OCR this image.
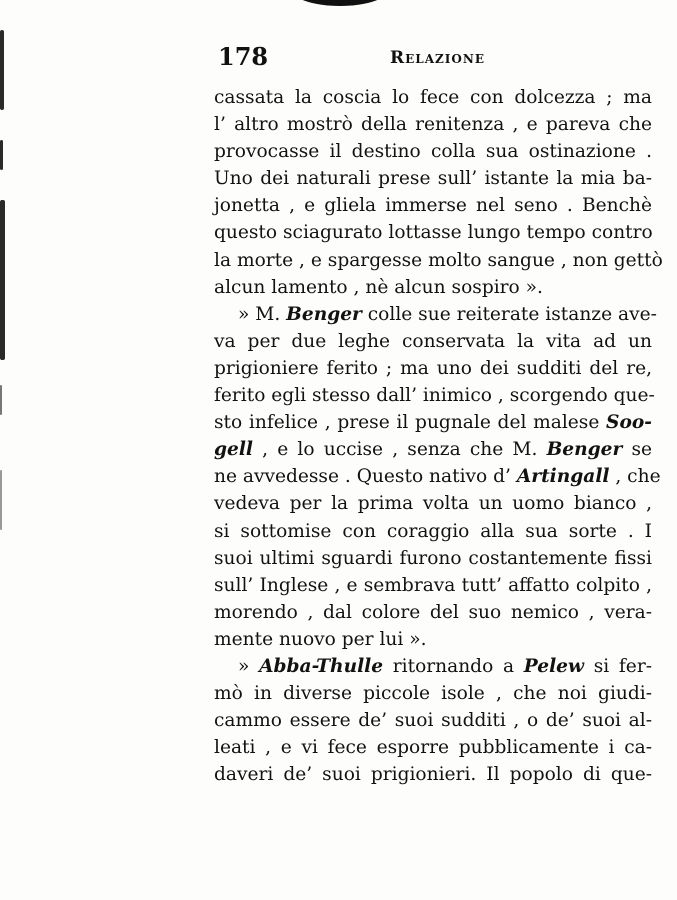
178	Relazione
cassata la coscia lo fece con dolcezza ; ma
l’ altro mostrò della renitenza , e pareva che
provocasse il destino colla sua ostinazione .
Uno dei naturali prese sull’ istante la mia ba-
jonetta , e gliela immerse nel seno . Benchè
questo sciagurato lottasse lungo tempo contro
la morte , e spargesse molto sangue , non gettò
alcun lamento , nè alcun sospiro ».
» M. Benger colle sue reiterate istanze ave-
va per due leghe conservata la vita ad un
prigioniere ferito ; ma uno dei sudditi del re,
ferito egli stesso dall’ inimico , scorgendo que-
sto infelice , prese il pugnale del malese Soo-
gell , e lo uccise , senza che M. Benger se
ne avvedesse . Questo nativo d’ Artingall , che
vedeva per la prima volta un uomo bianco ,
si sottomise con coraggio alla sua sorte . I
suoi ultimi sguardi furono costantemente fissi
sull’ Inglese , e sembrava tutt’ affatto colpito ,
morendo , dal colore del suo nemico , vera-
mente nuovo per lui ».
» Abba-Thulle ritornando a Pelew si fer-
mò in diverse piccole isole , che noi giudi-
cammo essere de’ suoi sudditi , o de’ suoi al-
leati , e vi fece esporre pubblicamente i ca-
daveri de’ suoi prigionieri. Il popolo di que-
